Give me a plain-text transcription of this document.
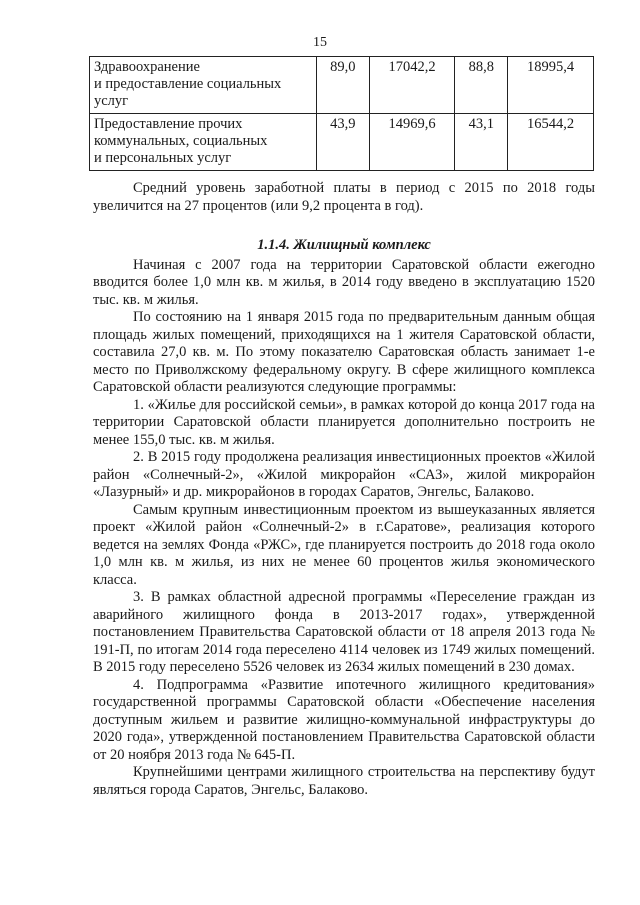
15
Здравоохранение
и предоставление социальных услуг	89,0	17042,2	88,8	18995,4
Предоставление прочих коммунальных, социальных
и персональных услуг	43,9	14969,6	43,1	16544,2

Средний уровень заработной платы в период с 2015 по 2018 годы увеличится на 27 процентов (или 9,2 процента в год).

1.1.4. Жилищный комплекс

Начиная с 2007 года на территории Саратовской области ежегодно вводится более 1,0 млн кв. м жилья, в 2014 году введено в эксплуатацию 1520 тыс. кв. м жилья.

По состоянию на 1 января 2015 года по предварительным данным общая площадь жилых помещений, приходящихся на 1 жителя Саратовской области, составила 27,0 кв. м. По этому показателю Саратовская область занимает 1-е место по Приволжскому федеральному округу. В сфере жилищного комплекса Саратовской области реализуются следующие программы:

1. «Жилье для российской семьи», в рамках которой до конца 2017 года на территории Саратовской области планируется дополнительно построить не менее 155,0 тыс. кв. м жилья.

2. В 2015 году продолжена реализация инвестиционных проектов «Жилой район «Солнечный-2», «Жилой микрорайон «САЗ», жилой микрорайон «Лазурный» и др. микрорайонов в городах Саратов, Энгельс, Балаково.

Самым крупным инвестиционным проектом из вышеуказанных является проект «Жилой район «Солнечный-2» в г.Саратове», реализация которого ведется на землях Фонда «РЖС», где планируется построить до 2018 года около 1,0 млн кв. м жилья, из них не менее 60 процентов жилья экономического класса.

3. В рамках областной адресной программы «Переселение граждан из аварийного жилищного фонда в 2013-2017 годах», утвержденной постановлением Правительства Саратовской области от 18 апреля 2013 года № 191-П, по итогам 2014 года переселено 4114 человек из 1749 жилых помещений. В 2015 году переселено 5526 человек из 2634 жилых помещений в 230 домах.

4. Подпрограмма «Развитие ипотечного жилищного кредитования» государственной программы Саратовской области «Обеспечение населения доступным жильем и развитие жилищно-коммунальной инфраструктуры до 2020 года», утвержденной постановлением Правительства Саратовской области от 20 ноября 2013 года № 645-П.

Крупнейшими центрами жилищного строительства на перспективу будут являться города Саратов, Энгельс, Балаково.
